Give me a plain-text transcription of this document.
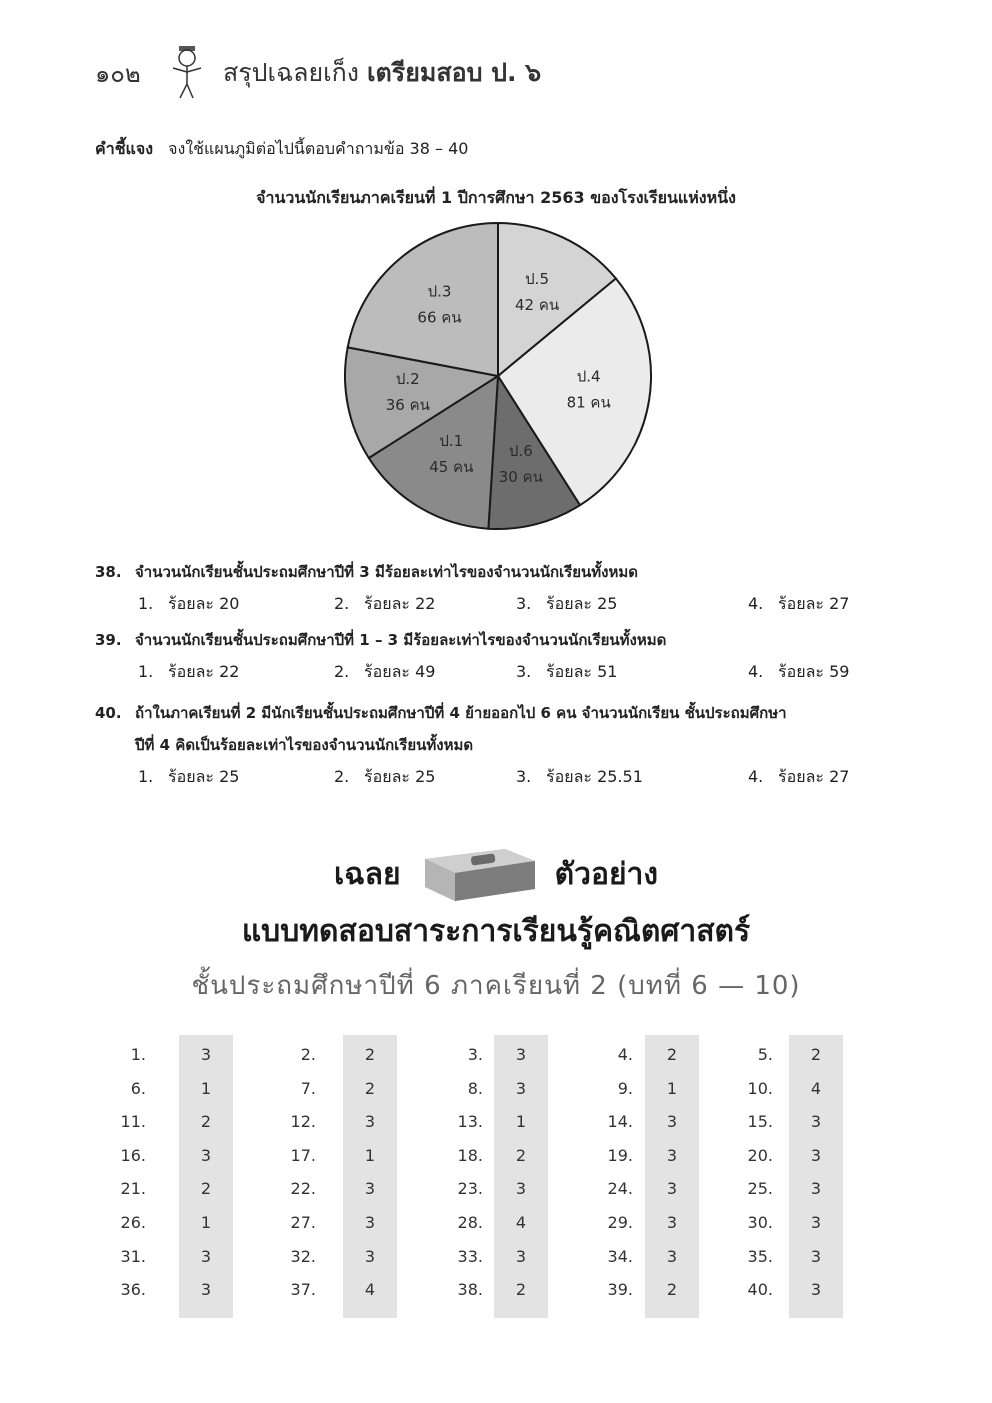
๑๐๒	สรุปเฉลยเก็ง เตรียมสอบ ป. ๖
คำชี้แจง จงใช้แผนภูมิต่อไปนี้ตอบคำถามข้อ 38 – 40
จำนวนนักเรียนภาคเรียนที่ 1 ปีการศึกษา 2563 ของโรงเรียนแห่งหนึ่ง
ป.5
42 คน
ป.4
81 คน
ป.6
30 คน
ป.1
45 คน
ป.2
36 คน
ป.3
66 คน
38. จำนวนนักเรียนชั้นประถมศึกษาปีที่ 3 มีร้อยละเท่าไรของจำนวนนักเรียนทั้งหมด
1. ร้อยละ 20	2. ร้อยละ 22	3. ร้อยละ 25	4. ร้อยละ 27
39. จำนวนนักเรียนชั้นประถมศึกษาปีที่ 1 – 3 มีร้อยละเท่าไรของจำนวนนักเรียนทั้งหมด
1. ร้อยละ 22	2. ร้อยละ 49	3. ร้อยละ 51	4. ร้อยละ 59
40. ถ้าในภาคเรียนที่ 2 มีนักเรียนชั้นประถมศึกษาปีที่ 4 ย้ายออกไป 6 คน จำนวนนักเรียน ชั้นประถมศึกษา
ปีที่ 4 คิดเป็นร้อยละเท่าไรของจำนวนนักเรียนทั้งหมด
1. ร้อยละ 25	2. ร้อยละ 25	3. ร้อยละ 25.51	4. ร้อยละ 27
เฉลย	ตัวอย่าง
แบบทดสอบสาระการเรียนรู้คณิตศาสตร์
ชั้นประถมศึกษาปีที่ 6 ภาคเรียนที่ 2 (บทที่ 6 — 10)
1.	3
6.	1
11.	2
16.	3
21.	2
26.	1
31.	3
36.	3
2.	2
7.	2
12.	3
17.	1
22.	3
27.	3
32.	3
37.	4
3.	3
8.	3
13.	1
18.	2
23.	3
28.	4
33.	3
38.	2
4.	2
9.	1
14.	3
19.	3
24.	3
29.	3
34.	3
39.	2
5.	2
10.	4
15.	3
20.	3
25.	3
30.	3
35.	3
40.	3
